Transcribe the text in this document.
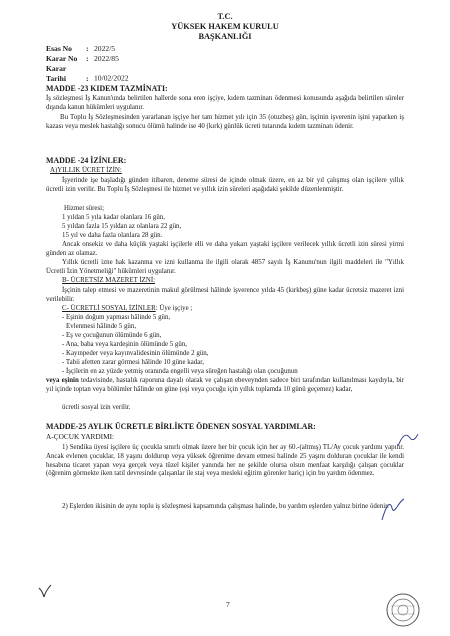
T.C.
YÜKSEK HAKEM KURULU
BAŞKANLIĞI
Esas No : 2022/5
Karar No : 2022/85
Karar Tarihi	: 10/02/2022
MADDE -23 KIDEM TAZMİNATI:
İş sözleşmesi İş Kanun'unda belirtilen hallerde sona eren işçiye, kıdem tazminatı ödenmesi konusunda aşağıda belirtilen süreler dışında kanun hükümleri uygulanır.
Bu Toplu İş Sözleşmesinden yararlanan işçiye her tam hizmet yılı için 35 (otuzbeş) gün, işçinin işverenin işini yaparken iş kazası veya meslek hastalığı sonucu ölümü halinde ise 40 (kırk) günlük ücreti tutarında kıdem tazminatı ödenir.
MADDE -24 İZİNLER:
A)YILLIK ÜCRET İZİN:
İşyerinde işe başladığı günden itibaren, deneme süresi de içinde olmak üzere, en az bir yıl çalışmış olan işçilere yıllık ücretli izin verilir. Bu Toplu İş Sözleşmesi ile hizmet ve yıllık izin süreleri aşağıdaki şekilde düzenlenmiştir.
Hizmet süresi;
1 yıldan 5 yıla kadar olanlara 16 gün,
5 yıldan fazla 15 yıldan az olanlara 22 gün,
15 yıl ve daha fazla olanlara 28 gün.
Ancak onsekiz ve daha küçük yaştaki işçilerle elli ve daha yukarı yaştaki işçilere verilecek yıllık ücretli izin süresi yirmi günden az olamaz.
Yıllık ücretli izne hak kazanma ve izni kullanma ile ilgili olarak 4857 sayılı İş Kanunu'nun ilgili maddeleri ile "Yıllık Ücretli İzin Yönetmeliği" hükümleri uygulanır.
B- ÜCRETSİZ MAZERET İZNİ:
İşçinin talep etmesi ve mazeretinin makul görülmesi hâlinde işverence yılda 45 (kırkbeş) güne kadar ücretsiz mazeret izni verilebilir.
C- ÜCRETLİ SOSYAL İZİNLER: Üye işçiye ;
- Eşinin doğum yapması hâlinde 5 gün,
Evlenmesi hâlinde 5 gün,
- Eş ve çocuğunun ölümünde 6 gün,
- Ana, baba veya kardeşinin ölümünde 5 gün,
- Kayınpeder veya kayınvalidesinin ölümünde 2 gün,
- Tabii afetten zarar görmesi hâlinde 10 güne kadar,
- İşçilerin en az yüzde yetmiş oranında engelli veya süreğen hastalığı olan çocuğunun
veya eşinin tedavisinde, hastalık raporuna dayalı olarak ve çalışan ebeveynden sadece biri tarafından kullanılması kaydıyla, bir yıl içinde toptan veya bölümler hâlinde on güne (eşi veya çocuğu için yıllık toplamda 10 günü geçemez) kadar,
ücretli sosyal izin verilir.
MADDE-25 AYLIK ÜCRETLE BİRLİKTE ÖDENEN SOSYAL YARDIMLAR:
A-ÇOCUK YARDIMI:
1) Sendika üyesi işçilere üç çocukla sınırlı olmak üzere her bir çocuk için her ay 60.-(altmış) TL/Ay çocuk yardımı yapılır. Ancak evlenen çocuklar, 18 yaşını doldurup veya yüksek öğrenime devam etmesi halinde 25 yaşını dolduran çocuklar ile kendi hesabına ticaret yapan veya gerçek veya tüzel kişiler yanında her ne şekilde olursa olsun menfaat karşılığı çalışan çocuklar (öğrenim görmekte iken tatil devresinde çalışanlar ile staj veya mesleki eğitim görenler hariç) için bu yardım ödenmez.
2) Eşlerden ikisinin de aynı toplu iş sözleşmesi kapsamında çalışması halinde, bu yardım eşlerden yalnız birine ödenir.
7
